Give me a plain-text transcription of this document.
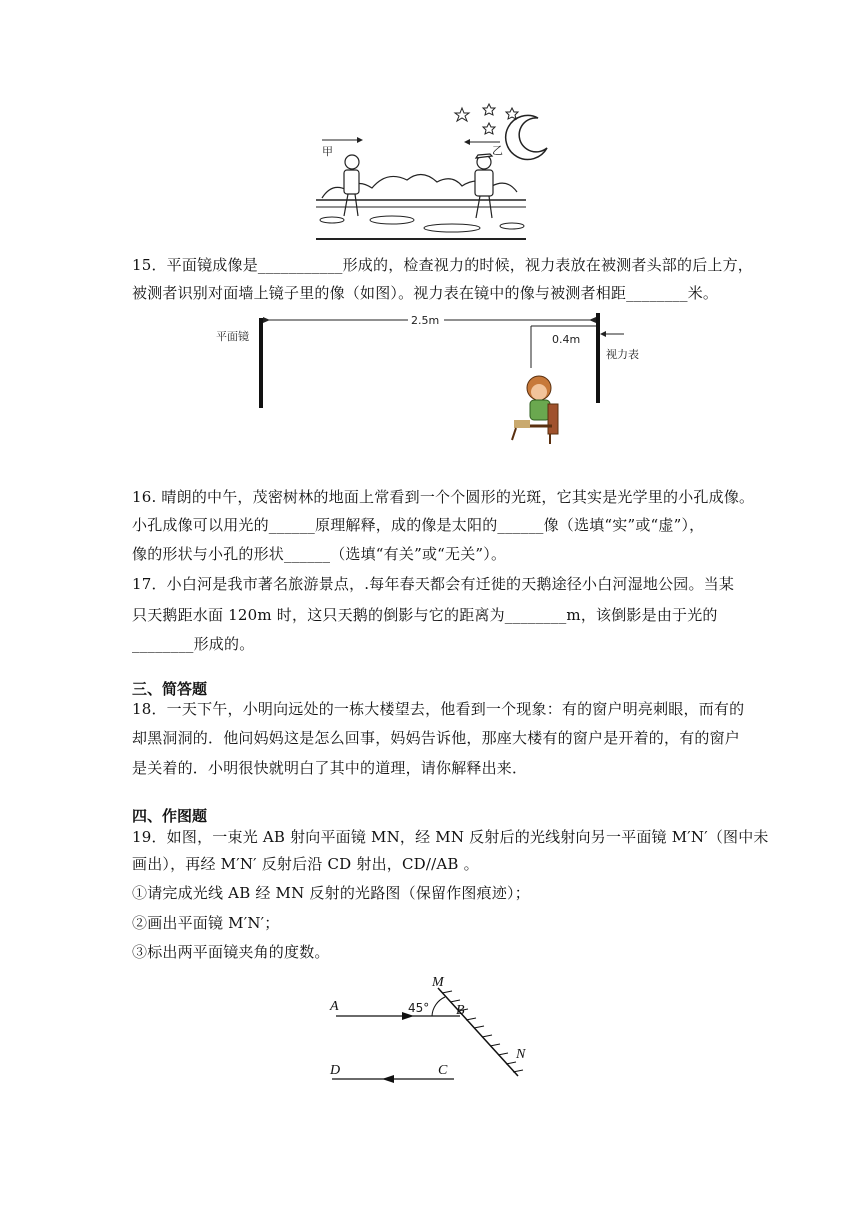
甲	乙
15．平面镜成像是___________形成的，检查视力的时候，视力表放在被测者头部的后上方，
被测者识别对面墙上镜子里的像（如图）。视力表在镜中的像与被测者相距________米。
平面镜
2.5m
0.4m
视力表
16. 晴朗的中午，茂密树林的地面上常看到一个个圆形的光斑，它其实是光学里的小孔成像。
小孔成像可以用光的______原理解释，成的像是太阳的______像（选填“实”或“虚”），
像的形状与小孔的形状______（选填“有关”或“无关”）。
17．小白河是我市著名旅游景点，.每年春天都会有迁徙的天鹅途径小白河湿地公园。当某
只天鹅距水面 120m 时，这只天鹅的倒影与它的距离为________m，该倒影是由于光的
________形成的。
三、简答题
18．一天下午，小明向远处的一栋大楼望去，他看到一个现象：有的窗户明亮刺眼，而有的
却黑洞洞的．他问妈妈这是怎么回事，妈妈告诉他，那座大楼有的窗户是开着的，有的窗户
是关着的．小明很快就明白了其中的道理，请你解释出来．
四、作图题
19．如图，一束光 AB 射向平面镜 MN，经 MN 反射后的光线射向另一平面镜 M′N′（图中未
画出），再经 M′N′ 反射后沿 CD 射出，CD//AB 。
①请完成光线 AB 经 MN 反射的光路图（保留作图痕迹）；
②画出平面镜 M′N′；
③标出两平面镜夹角的度数。
A	B
C
D
M
N
45°
